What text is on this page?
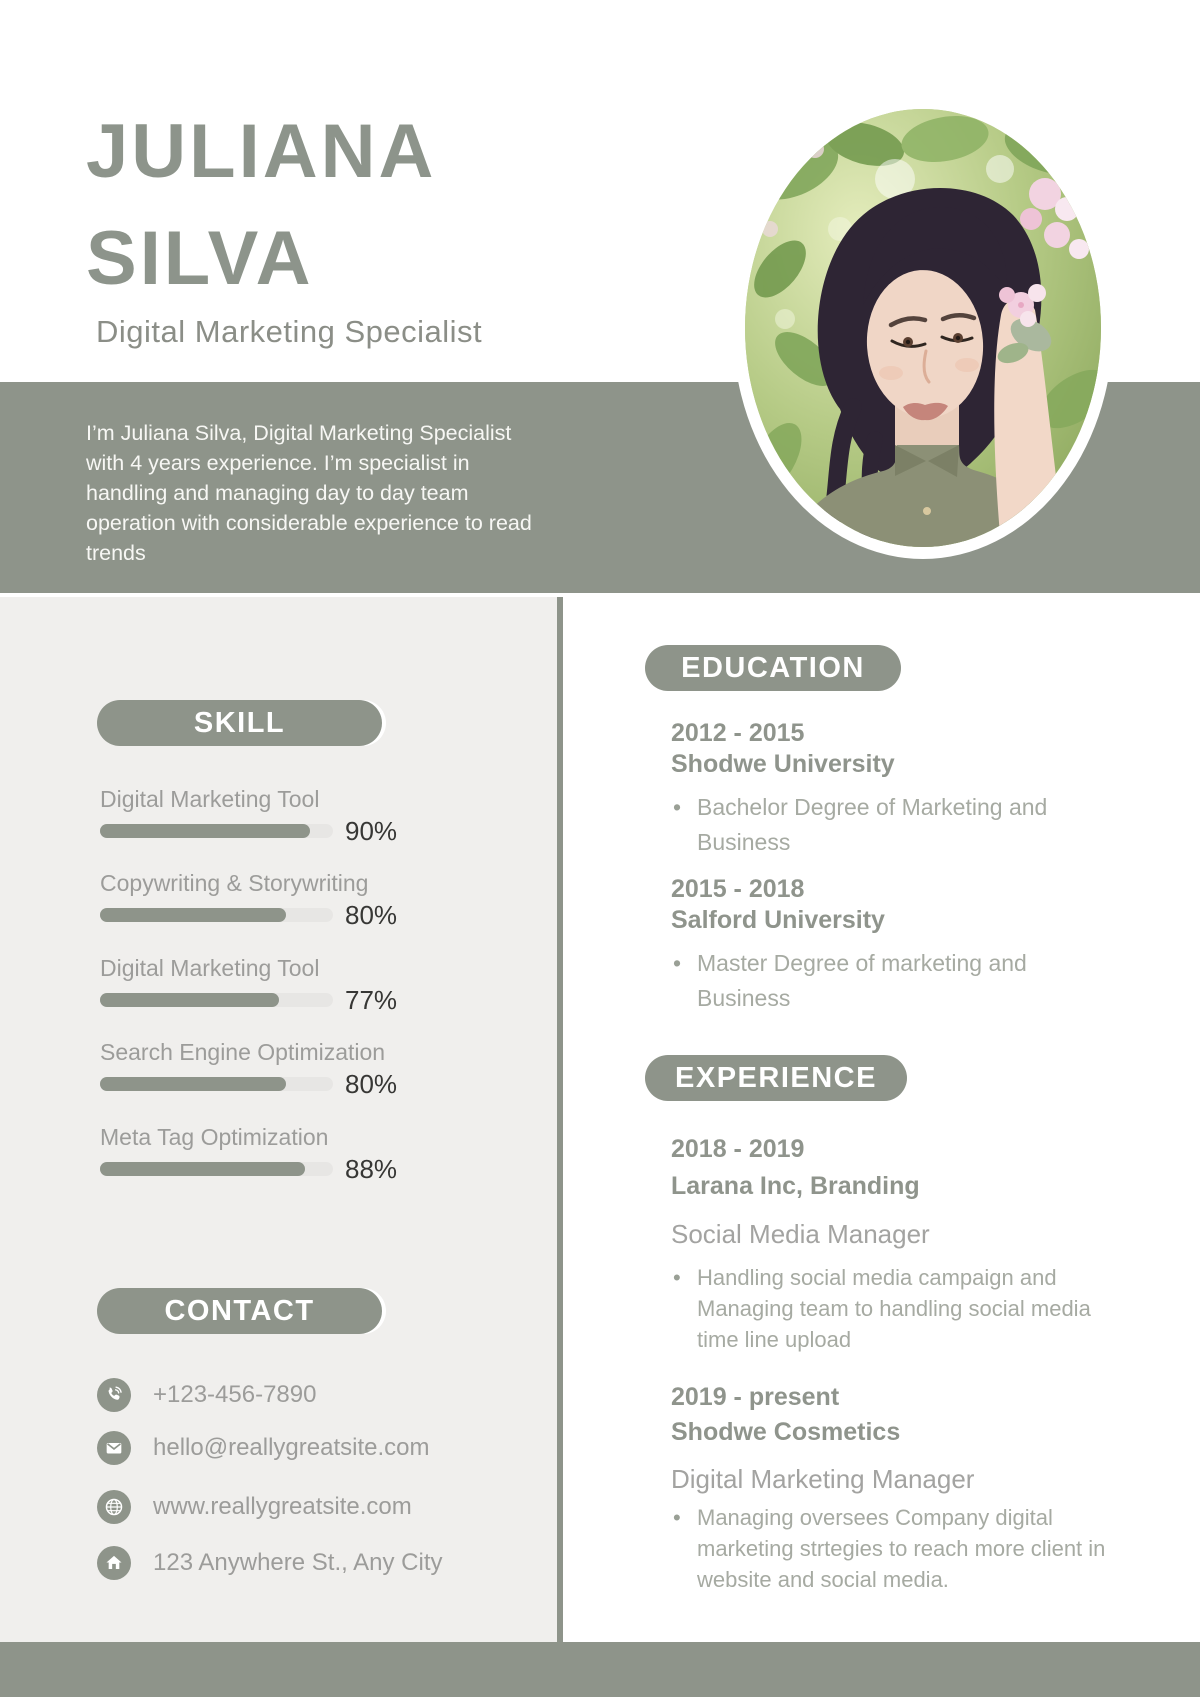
JULIANA
SILVA
Digital Marketing Specialist

I’m Juliana Silva, Digital Marketing Specialist with 4 years experience. I’m specialist in handling and managing day to day team operation with considerable experience to read trends

SKILL
Digital Marketing Tool
90%
Copywriting & Storywriting
80%
Digital Marketing Tool
77%
Search Engine Optimization
80%
Meta Tag Optimization
88%
CONTACT
+123-456-7890
hello@reallygreatsite.com
www.reallygreatsite.com
123 Anywhere St., Any City
EDUCATION
2012 - 2015
Shodwe University
• Bachelor Degree of Marketing and Business
2015 - 2018
Salford University
• Master Degree of marketing and Business
EXPERIENCE
2018 - 2019
Larana Inc, Branding
Social Media Manager
• Handling social media campaign and Managing team to handling social media time line upload
2019 - present
Shodwe Cosmetics
Digital Marketing Manager
• Managing oversees Company digital marketing strtegies to reach more client in website and social media.
